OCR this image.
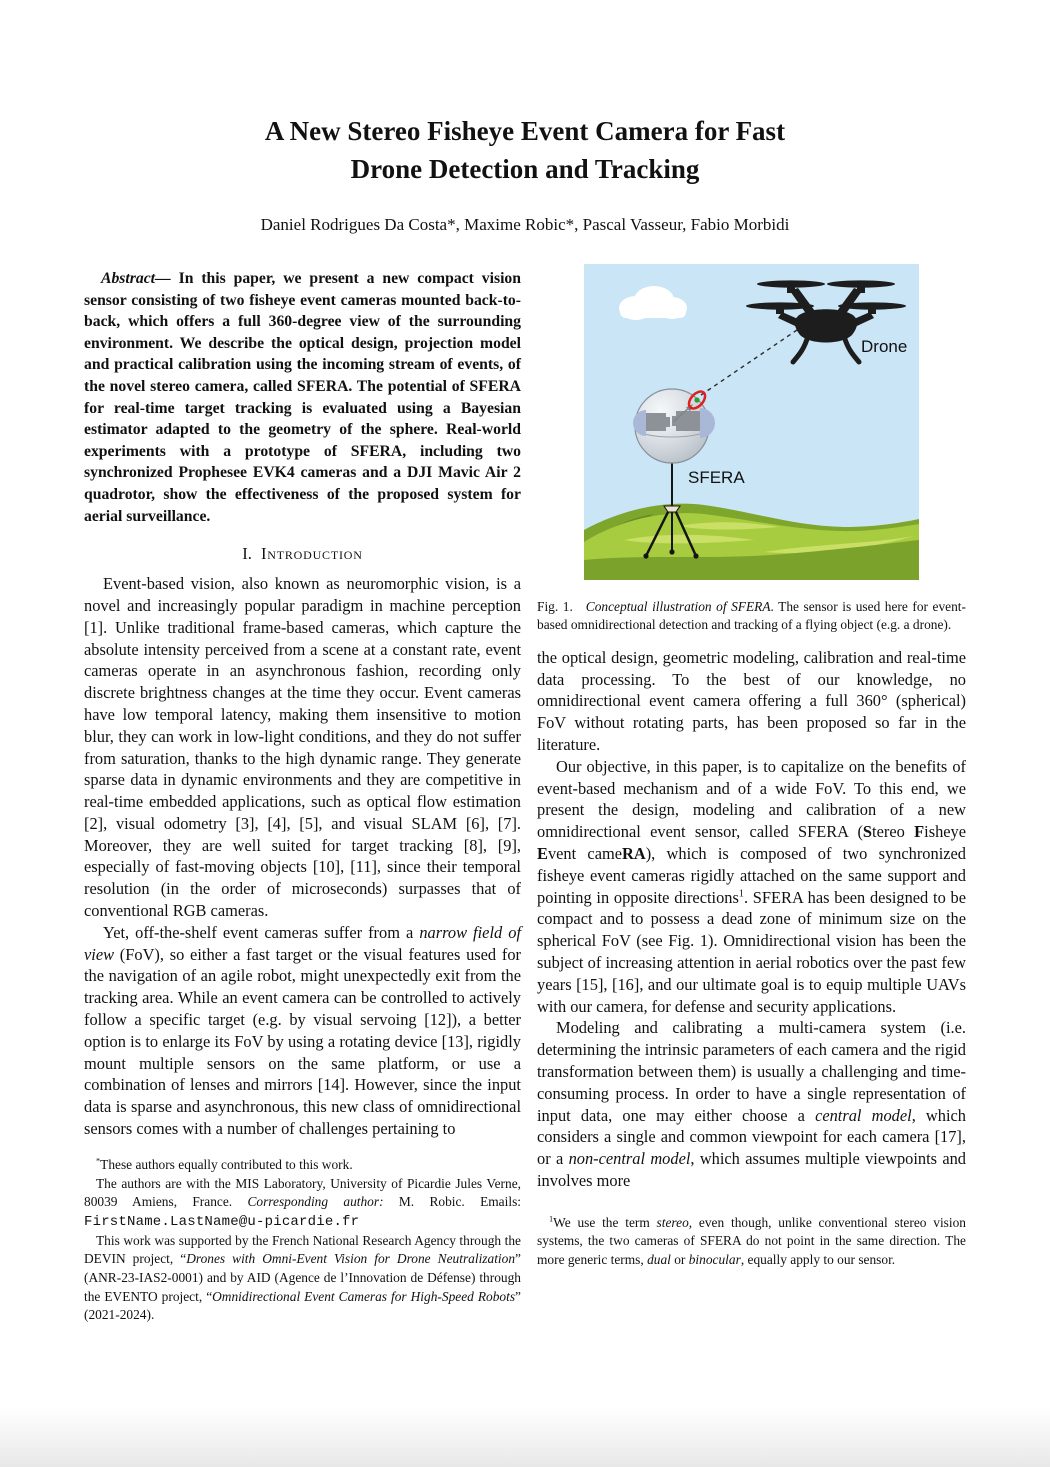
A New Stereo Fisheye Event Camera for Fast
Drone Detection and Tracking
Daniel Rodrigues Da Costa*, Maxime Robic*, Pascal Vasseur, Fabio Morbidi

Abstract— In this paper, we present a new compact vision sensor consisting of two fisheye event cameras mounted back-to-back, which offers a full 360-degree view of the surrounding environment. We describe the optical design, projection model and practical calibration using the incoming stream of events, of the novel stereo camera, called SFERA. The potential of SFERA for real-time target tracking is evaluated using a Bayesian estimator adapted to the geometry of the sphere. Real-world experiments with a prototype of SFERA, including two synchronized Prophesee EVK4 cameras and a DJI Mavic Air 2 quadrotor, show the effectiveness of the proposed system for aerial surveillance.

I. Introduction

Event-based vision, also known as neuromorphic vision, is a novel and increasingly popular paradigm in machine perception [1]. Unlike traditional frame-based cameras, which capture the absolute intensity perceived from a scene at a constant rate, event cameras operate in an asynchronous fashion, recording only discrete brightness changes at the time they occur. Event cameras have low temporal latency, making them insensitive to motion blur, they can work in low-light conditions, and they do not suffer from saturation, thanks to the high dynamic range. They generate sparse data in dynamic environments and they are competitive in real-time embedded applications, such as optical flow estimation [2], visual odometry [3], [4], [5], and visual SLAM [6], [7]. Moreover, they are well suited for target tracking [8], [9], especially of fast-moving objects [10], [11], since their temporal resolution (in the order of microseconds) surpasses that of conventional RGB cameras.

Yet, off-the-shelf event cameras suffer from a narrow field of view (FoV), so either a fast target or the visual features used for the navigation of an agile robot, might unexpectedly exit from the tracking area. While an event camera can be controlled to actively follow a specific target (e.g. by visual servoing [12]), a better option is to enlarge its FoV by using a rotating device [13], rigidly mount multiple sensors on the same platform, or use a combination of lenses and mirrors [14]. However, since the input data is sparse and asynchronous, this new class of omnidirectional sensors comes with a number of challenges pertaining to

*These authors equally contributed to this work.

The authors are with the MIS Laboratory, University of Picardie Jules Verne, 80039 Amiens, France. Corresponding author: M. Robic. Emails: FirstName.LastName@u-picardie.fr

This work was supported by the French National Research Agency through the DEVIN project, “Drones with Omni-Event Vision for Drone Neutralization” (ANR-23-IAS2-0001) and by AID (Agence de l’Innovation de Défense) through the EVENTO project, “Omnidirectional Event Cameras for High-Speed Robots” (2021-2024).

Drone
SFERA

Fig. 1. Conceptual illustration of SFERA. The sensor is used here for event-based omnidirectional detection and tracking of a flying object (e.g. a drone).

the optical design, geometric modeling, calibration and real-time data processing. To the best of our knowledge, no omnidirectional event camera offering a full 360° (spherical) FoV without rotating parts, has been proposed so far in the literature.

Our objective, in this paper, is to capitalize on the benefits of event-based mechanism and of a wide FoV. To this end, we present the design, modeling and calibration of a new omnidirectional event sensor, called SFERA (Stereo Fisheye Event cameRA), which is composed of two synchronized fisheye event cameras rigidly attached on the same support and pointing in opposite directions$^1$. SFERA has been designed to be compact and to possess a dead zone of minimum size on the spherical FoV (see Fig. 1). Omnidirectional vision has been the subject of increasing attention in aerial robotics over the past few years [15], [16], and our ultimate goal is to equip multiple UAVs with our camera, for defense and security applications.

Modeling and calibrating a multi-camera system (i.e. determining the intrinsic parameters of each camera and the rigid transformation between them) is usually a challenging and time-consuming process. In order to have a single representation of input data, one may either choose a central model, which considers a single and common viewpoint for each camera [17], or a non-central model, which assumes multiple viewpoints and involves more

$^1$We use the term stereo, even though, unlike conventional stereo vision systems, the two cameras of SFERA do not point in the same direction. The more generic terms, dual or binocular, equally apply to our sensor.
